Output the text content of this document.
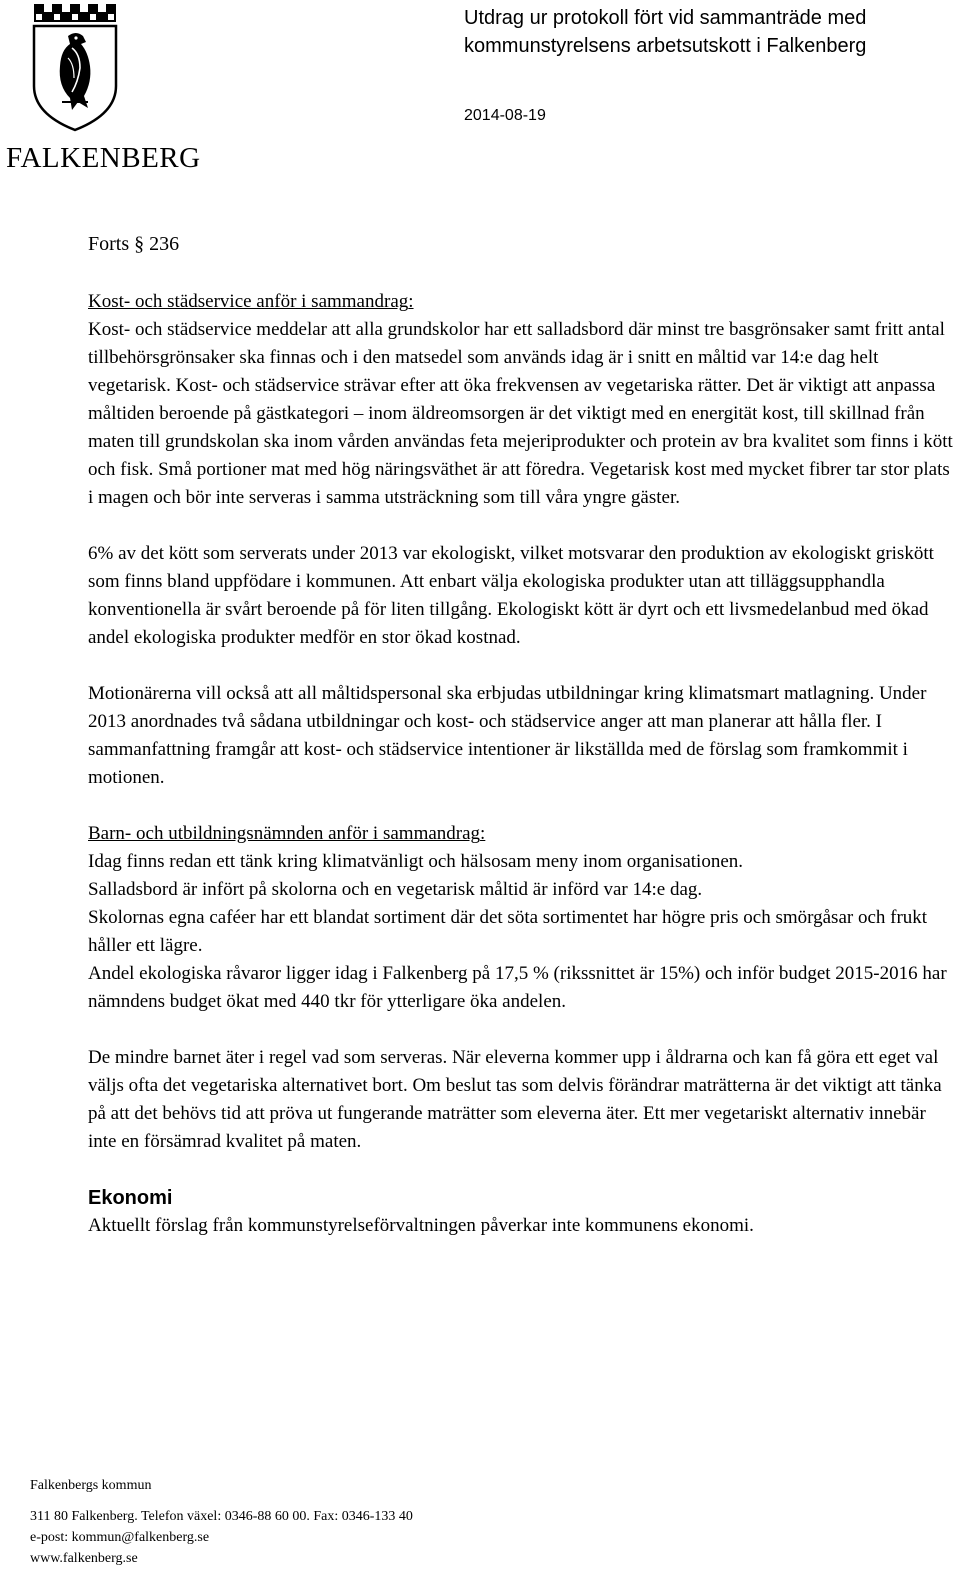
FALKENBERG
Utdrag ur protokoll fört vid sammanträde med
kommunstyrelsens arbetsutskott i Falkenberg
2014-08-19

Forts § 236

Kost- och städservice anför i sammandrag:

Kost- och städservice meddelar att alla grundskolor har ett salladsbord där minst tre basgrönsaker samt fritt antal tillbehörsgrönsaker ska finnas och i den matsedel som används idag är i snitt en måltid var 14:e dag helt vegetarisk. Kost- och städservice strävar efter att öka frekvensen av vegetariska rätter. Det är viktigt att anpassa måltiden beroende på gästkategori – inom äldreomsorgen är det viktigt med en energität kost, till skillnad från maten till grundskolan ska inom vården användas feta mejeriprodukter och protein av bra kvalitet som finns i kött och fisk. Små portioner mat med hög näringsväthet är att föredra. Vegetarisk kost med mycket fibrer tar stor plats i magen och bör inte serveras i samma utsträckning som till våra yngre gäster.

6% av det kött som serverats under 2013 var ekologiskt, vilket motsvarar den produktion av ekologiskt griskött som finns bland uppfödare i kommunen. Att enbart välja ekologiska produkter utan att tilläggsupphandla konventionella är svårt beroende på för liten tillgång. Ekologiskt kött är dyrt och ett livsmedelanbud med ökad andel ekologiska produkter medför en stor ökad kostnad.

Motionärerna vill också att all måltidspersonal ska erbjudas utbildningar kring klimatsmart matlagning. Under 2013 anordnades två sådana utbildningar och kost- och städservice anger att man planerar att hålla fler. I sammanfattning framgår att kost- och städservice intentioner är likställda med de förslag som framkommit i motionen.

Barn- och utbildningsnämnden anför i sammandrag:

Idag finns redan ett tänk kring klimatvänligt och hälsosam meny inom organisationen.

Salladsbord är infört på skolorna och en vegetarisk måltid är införd var 14:e dag.

Skolornas egna caféer har ett blandat sortiment där det söta sortimentet har högre pris och smörgåsar och frukt håller ett lägre.

Andel ekologiska råvaror ligger idag i Falkenberg på 17,5 % (rikssnittet är 15%) och inför budget 2015-2016 har nämndens budget ökat med 440 tkr för ytterligare öka andelen.

De mindre barnet äter i regel vad som serveras. När eleverna kommer upp i åldrarna och kan få göra ett eget val väljs ofta det vegetariska alternativet bort. Om beslut tas som delvis förändrar maträtterna är det viktigt att tänka på att det behövs tid att pröva ut fungerande maträtter som eleverna äter. Ett mer vegetariskt alternativ innebär inte en försämrad kvalitet på maten.

Ekonomi

Aktuellt förslag från kommunstyrelseförvaltningen påverkar inte kommunens ekonomi.

Falkenbergs kommun

311 80 Falkenberg. Telefon växel: 0346-88 60 00. Fax: 0346-133 40

e-post: kommun@falkenberg.se

www.falkenberg.se
